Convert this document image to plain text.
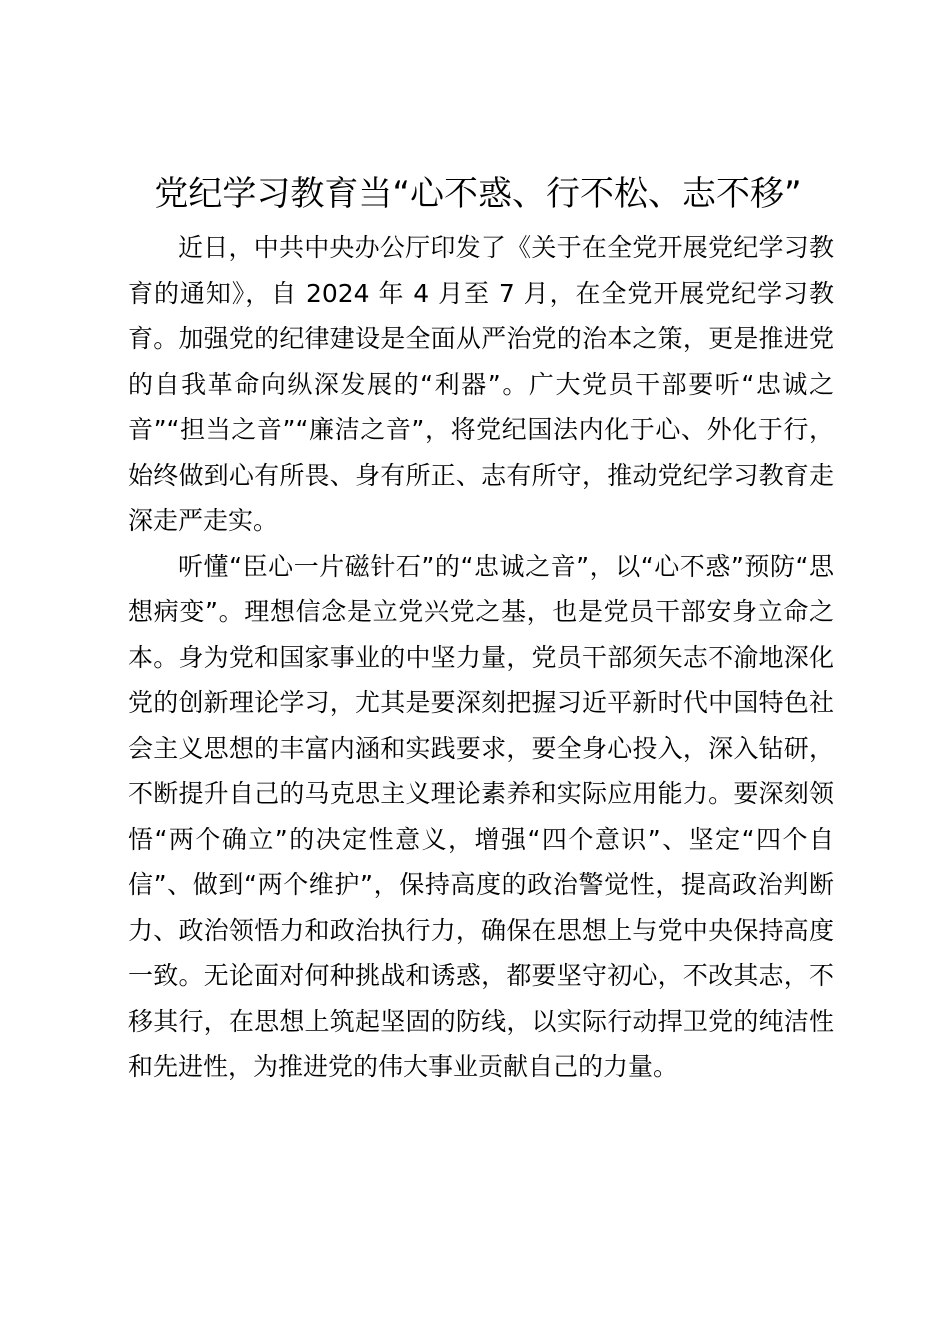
党纪学习教育当“心不惑、行不松、志不移”

近日，中共中央办公厅印发了《关于在全党开展党纪学习教育的通知》，自 2024 年 4 月至 7 月，在全党开展党纪学习教育。加强党的纪律建设是全面从严治党的治本之策，更是推进党的自我革命向纵深发展的“利器”。广大党员干部要听“忠诚之音”“担当之音”“廉洁之音”，将党纪国法内化于心、外化于行，始终做到心有所畏、身有所正、志有所守，推动党纪学习教育走深走严走实。

听懂“臣心一片磁针石”的“忠诚之音”，以“心不惑”预防“思想病变”。理想信念是立党兴党之基，也是党员干部安身立命之本。身为党和国家事业的中坚力量，党员干部须矢志不渝地深化党的创新理论学习，尤其是要深刻把握习近平新时代中国特色社会主义思想的丰富内涵和实践要求，要全身心投入，深入钻研，不断提升自己的马克思主义理论素养和实际应用能力。要深刻领悟“两个确立”的决定性意义，增强“四个意识”、坚定“四个自信”、做到“两个维护”，保持高度的政治警觉性，提高政治判断力、政治领悟力和政治执行力，确保在思想上与党中央保持高度一致。无论面对何种挑战和诱惑，都要坚守初心，不改其志，不移其行，在思想上筑起坚固的防线，以实际行动捍卫党的纯洁性和先进性，为推进党的伟大事业贡献自己的力量。
